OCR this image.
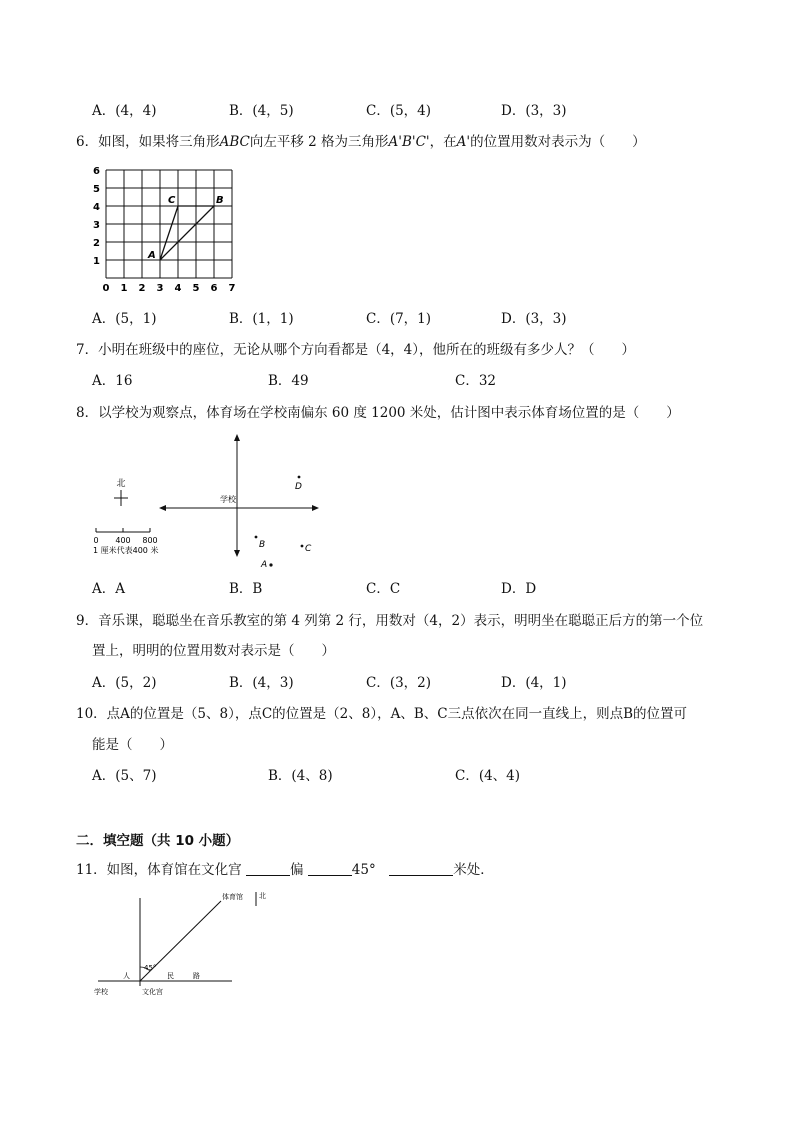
A．(4，4)	B．(4，5)	C．(5，4)	D．(3，3)
6．如图，如果将三角形ABC向左平移 2 格为三角形A'B'C'，在A'的位置用数对表示为（　　）
0 1 2 3 4 5 6 7
1
2
3
4
5
6
A
B
C
A．(5，1)	B．(1，1)	C．(7，1)	D．(3，3)
7．小明在班级中的座位，无论从哪个方向看都是（4，4），他所在的班级有多少人？（　　）
A．16	B．49	C．32
8．以学校为观察点，体育场在学校南偏东 60 度 1200 米处，估计图中表示体育场位置的是（　　）
北
学校
D
B	C
A
0 400 800
1 厘米代表400 米
A．A	B．B	C．C	D．D
9．音乐课，聪聪坐在音乐教室的第 4 列第 2 行，用数对（4，2）表示，明明坐在聪聪正后方的第一个位
置上，明明的位置用数对表示是（　　）
A．(5，2)	B．(4，3)	C．(3，2)	D．(4，1)
10．点A的位置是（5、8），点C的位置是（2、8），A、B、C三点依次在同一直线上，则点B的位置可
能是（　　）
A．(5、7)	B．(4、8)	C．(4、4)
二．填空题（共 10 小题）
11．如图，体育馆在文化宫	偏	45°　	米处．
45°
体育馆 北
人	民	路
学校	文化宫
